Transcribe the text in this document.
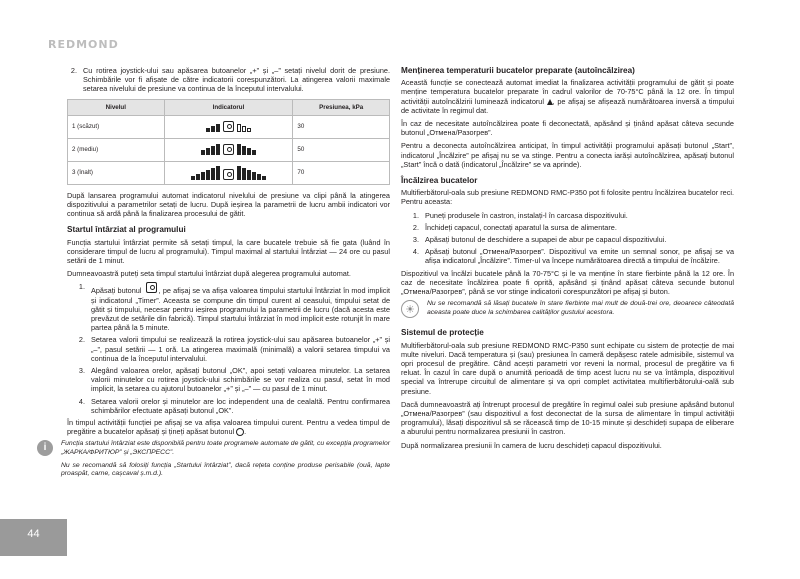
REDMOND
2. Cu rotirea joystick-ului sau apăsarea butoanelor „+” și „–” setați nivelul dorit de presiune. Schimbările vor fi afișate de către indicatorii corespunzători. La atingerea valorii maximale setarea nivelului de presiune va continua de la începutul intervalului.
Nivelul	Indicatorul	Presiunea, kPa
1 (scăzut)		30
2 (mediu)		50
3 (înalt)		70

După lansarea programului automat indicatorul nivelului de presiune va clipi până la atingerea dispozitivului a parametrilor setați de lucru. După ieșirea la parametrii de lucru ambii indicatori vor continua să ardă până la finalizarea procesului de gătit.

Startul întârziat al programului

Funcția startului întârziat permite să setați timpul, la care bucatele trebuie să fie gata (luând în considerare timpul de lucru al programului). Timpul maximal al startului întârziat — 24 ore cu pasul setării de 1 minut.

Dumneavoastră puteți seta timpul startului întârziat după alegerea programului automat.

1. Apăsați butonul , pe afișaj se va afișa valoarea timpului startului întârziat în mod implicit și indicatorul „Timer”. Aceasta se compune din timpul curent al ceasului, timpului setat de gătit și timpului, necesar pentru ieșirea programului la parametrii de lucru (dacă acesta este prevăzut de setările din fabrică). Timpul startului întârziat în mod implicit este rotunjit în mare partea până la 5 minute.
2. Setarea valorii timpului se realizează la rotirea joystick-ului sau apăsarea butoanelor „+” și „–”, pasul setării — 1 oră. La atingerea maximală (minimală) a valorii setarea timpului va continua de la începutul intervalului.
3. Alegând valoarea orelor, apăsați butonul „OK”, apoi setați valoarea minutelor. La setarea valorii minutelor cu rotirea joystick-ului schimbările se vor realiza cu pasul, setat în mod implicit, la setarea cu ajutorul butoanelor „+” și „–” — cu pasul de 1 minut.
4. Setarea valorii orelor și minutelor are loc independent una de cealaltă. Pentru confirmarea schimbărilor efectuate apăsați butonul „OK”.

În timpul activității funcției pe afișaj se va afișa valoarea timpului curent. Pentru a vedea timpul de pregătire a bucatelor apăsați și țineți apăsat butonul .

i	Funcția startului întârziat este disponibilă pentru toate programele automate de gătit, cu excepția programelor „ЖАРКА/ФРИТЮР” și „ЭКСПРЕСС”.

Nu se recomandă să folosiți funcția „Startului întârziat”, dacă rețeta conține produse perisabile (ouă, lapte proaspăt, carne, cașcaval ș.m.d.).

Menținerea temperaturii bucatelor preparate (autoîncălzirea)

Această funcție se conectează automat imediat la finalizarea activității programului de gătit și poate menține temperatura bucatelor preparate în cadrul valorilor de 70-75°C până la 12 ore. În timpul activității autoîncălzirii luminează indicatorul , pe afișaj se afișează numărătoarea inversă a timpului de activitate în regimul dat.

În caz de necesitate autoîncălzirea poate fi deconectată, apăsând și ținând apăsat câteva secunde butonul „Отмена/Разогрев”.

Pentru a deconecta autoîncălzirea anticipat, în timpul activității programului apăsați butonul „Start”, indicatorul „Încălzire” pe afișaj nu se va stinge. Pentru a conecta iarăși autoîncălzirea, apăsați butonul „Start” încă o dată (indicatorul „Încălzire” se va aprinde).

Încălzirea bucatelor

Multifierbătorul-oala sub presiune REDMOND RMC-P350 pot fi folosite pentru încălzirea bucatelor reci. Pentru aceasta:

1. Puneți produsele în castron, instalați-l în carcasa dispozitivului.
2. Închideți capacul, conectați aparatul la sursa de alimentare.
3. Apăsați butonul de deschidere a supapei de abur pe capacul dispozitivului.
4. Apăsați butonul „Отмена/Разогрев”. Dispozitivul va emite un semnal sonor, pe afișaj se va afișa indicatorul „Încălzire”. Timer-ul va începe numărătoarea directă a timpului de încălzire.

Dispozitivul va încălzi bucatele până la 70-75°C și le va menține în stare fierbinte până la 12 ore. În caz de necesitate încălzirea poate fi oprită, apăsând și ținând apăsat câteva secunde butonul „Отмена/Разогрев”, până se vor stinge indicatorii corespunzători pe afișaj și buton.

☀

Nu se recomandă să lăsați bucatele în stare fierbinte mai mult de două-trei ore, deoarece câteodată aceasta poate duce la schimbarea calităților gustului acestora.

Sistemul de protecție

Multifierbătorul-oala sub presiune REDMOND RMC-P350 sunt echipate cu sistem de protecție de mai multe niveluri. Dacă temperatura și (sau) presiunea în cameră depășesc ratele admisibile, sistemul va opri procesul de pregătire. Când acești parametri vor reveni la normal, procesul de pregătire va fi reluat. În cazul în care după o anumită perioadă de timp acest lucru nu se va întâmpla, dispozitivul special va întrerupe circuitul de alimentare și va opri complet activitatea multifierbătorului-oală sub presiune.

Dacă dumneavoastră ați întrerupt procesul de pregătire în regimul oalei sub presiune apăsând butonul „Отмена/Разогрев” (sau dispozitivul a fost deconectat de la sursa de alimentare în timpul activității programului), lăsați dispozitivul să se răcească timp de 10-15 minute și deschideți supapa de eliberare a aburului pentru normalizarea presiunii în castron.

După normalizarea presiunii în camera de lucru deschideți capacul dispozitivului.

44
